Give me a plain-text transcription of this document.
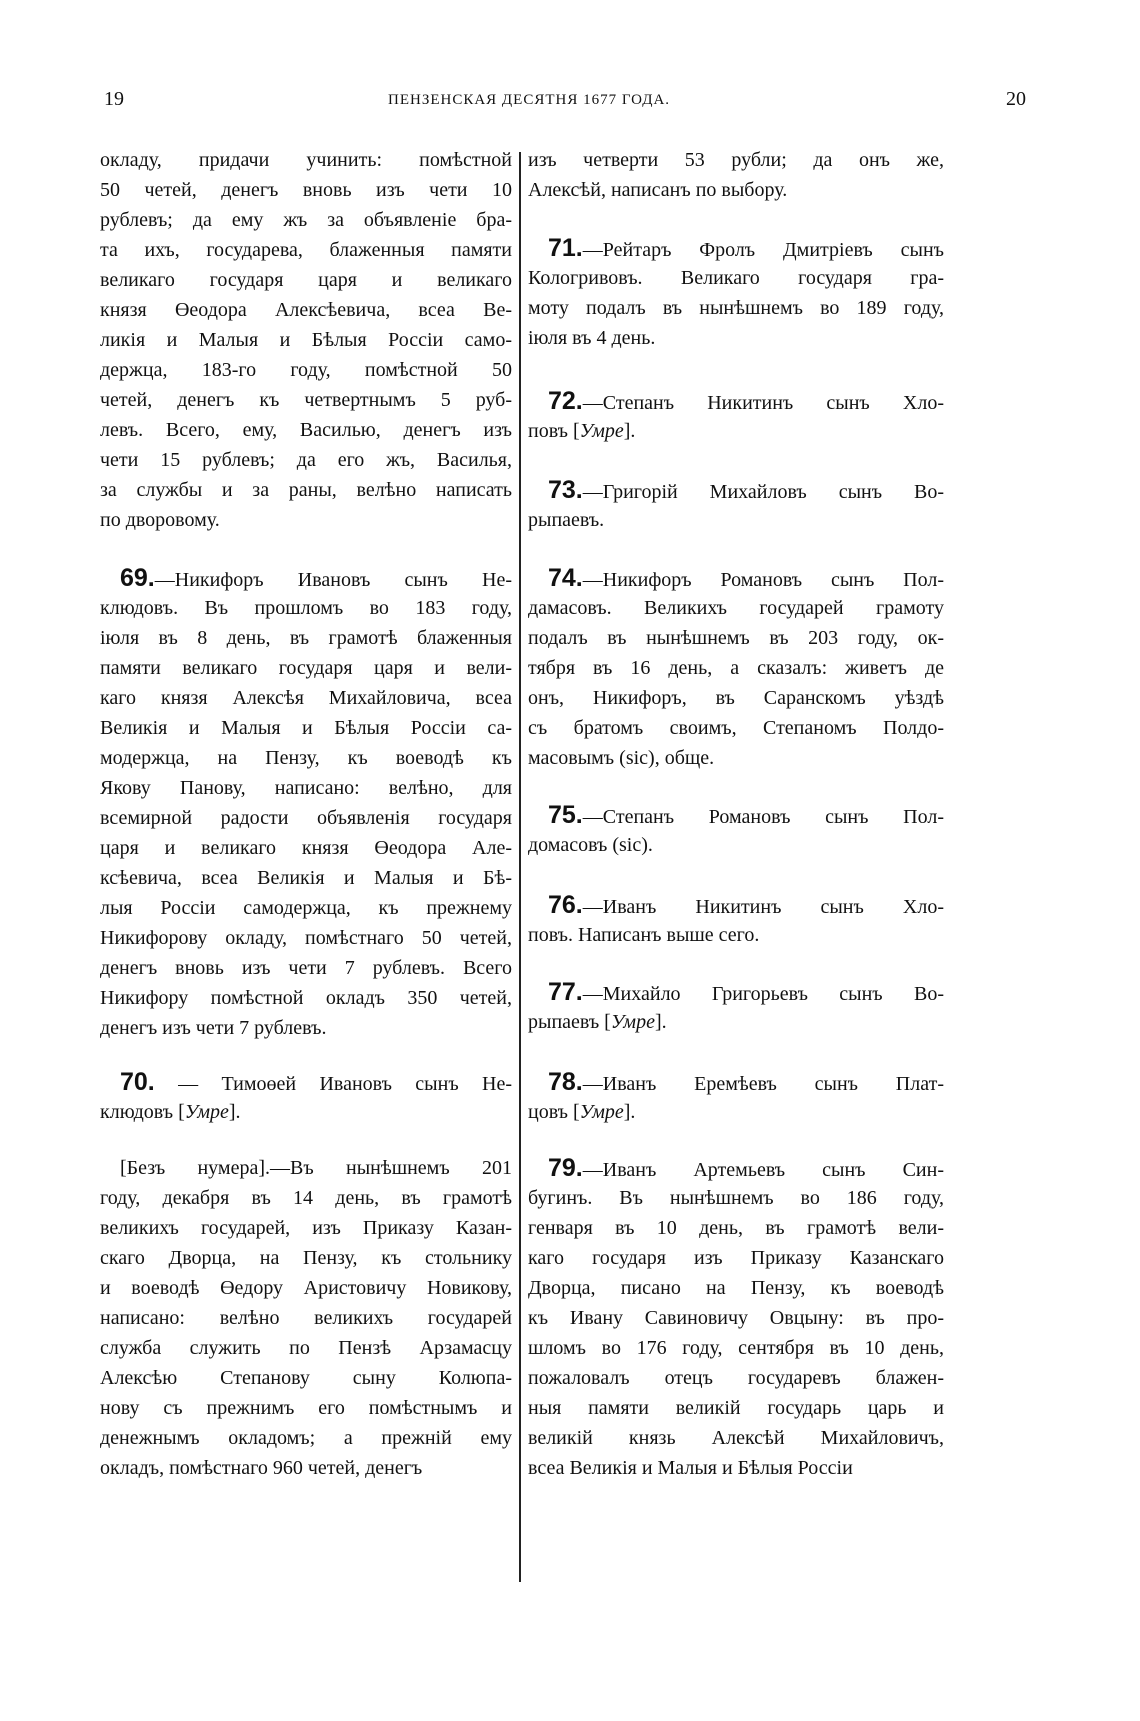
19	ПЕНЗЕНСКАЯ ДЕСЯТНЯ 1677 ГОДА.	20
окладу, придачи учинить: помѣстной
50 четей, денегъ вновь изъ чети 10
рублевъ; да ему жъ за объявленіе бра-
та ихъ, государева, блаженныя памяти
великаго государя царя и великаго
князя Өеодора Алексѣевича, всеа Ве-
ликія и Малыя и Бѣлыя Россіи само-
держца, 183-го году, помѣстной 50
четей, денегъ къ четвертнымъ 5 руб-
левъ. Всего, ему, Василью, денегъ изъ
чети 15 рублевъ; да его жъ, Василья,
за службы и за раны, велѣно написать
по дворовому.
69.—Никифоръ Ивановъ сынъ Не-
клюдовъ. Въ прошломъ во 183 году,
іюля въ 8 день, въ грамотѣ блаженныя
памяти великаго государя царя и вели-
каго князя Алексѣя Михайловича, всеа
Великія и Малыя и Бѣлыя Россіи са-
модержца, на Пензу, къ воеводѣ къ
Якову Панову, написано: велѣно, для
всемирной радости объявленія государя
царя и великаго князя Өеодора Але-
ксѣевича, всеа Великія и Малыя и Бѣ-
лыя Россіи самодержца, къ прежнему
Никифорову окладу, помѣстнаго 50 четей,
денегъ вновь изъ чети 7 рублевъ. Всего
Никифору помѣстной окладъ 350 четей,
денегъ изъ чети 7 рублевъ.
70. — Тимоөей Ивановъ сынъ Не-
клюдовъ [Умре].
[Безъ нумера].—Въ нынѣшнемъ 201
году, декабря въ 14 день, въ грамотѣ
великихъ государей, изъ Приказу Казан-
скаго Дворца, на Пензу, къ стольнику
и воеводѣ Өедору Аристовичу Новикову,
написано: велѣно великихъ государей
служба служить по Пензѣ Арзамасцу
Алексѣю Степанову сыну Колюпа-
нову съ прежнимъ его помѣстнымъ и
денежнымъ окладомъ; а прежній ему
окладъ, помѣстнаго 960 четей, денегъ
изъ четверти 53 рубли; да онъ же,
Алексѣй, написанъ по выбору.
71.—Рейтаръ Фролъ Дмитріевъ сынъ
Кологривовъ. Великаго государя гра-
моту подалъ въ нынѣшнемъ во 189 году,
іюля въ 4 день.
72.—Степанъ Никитинъ сынъ Хло-
повъ [Умре].
73.—Григорій Михайловъ сынъ Во-
рыпаевъ.
74.—Никифоръ Романовъ сынъ Пол-
дамасовъ. Великихъ государей грамоту
подалъ въ нынѣшнемъ въ 203 году, ок-
тября въ 16 день, а сказалъ: живетъ де
онъ, Никифоръ, въ Саранскомъ уѣздѣ
съ братомъ своимъ, Степаномъ Полдо-
масовымъ (sic), обще.
75.—Степанъ Романовъ сынъ Пол-
домасовъ (sic).
76.—Иванъ Никитинъ сынъ Хло-
повъ. Написанъ выше сего.
77.—Михайло Григорьевъ сынъ Во-
рыпаевъ [Умре].
78.—Иванъ Еремѣевъ сынъ Плат-
цовъ [Умре].
79.—Иванъ Артемьевъ сынъ Син-
бугинъ. Въ нынѣшнемъ во 186 году,
генваря въ 10 день, въ грамотѣ вели-
каго государя изъ Приказу Казанскаго
Дворца, писано на Пензу, къ воеводѣ
къ Ивану Савиновичу Овцыну: въ про-
шломъ во 176 году, сентября въ 10 день,
пожаловалъ отецъ государевъ блажен-
ныя памяти великій государь царь и
великій князь Алексѣй Михайловичъ,
всеа Великія и Малыя и Бѣлыя Россіи
